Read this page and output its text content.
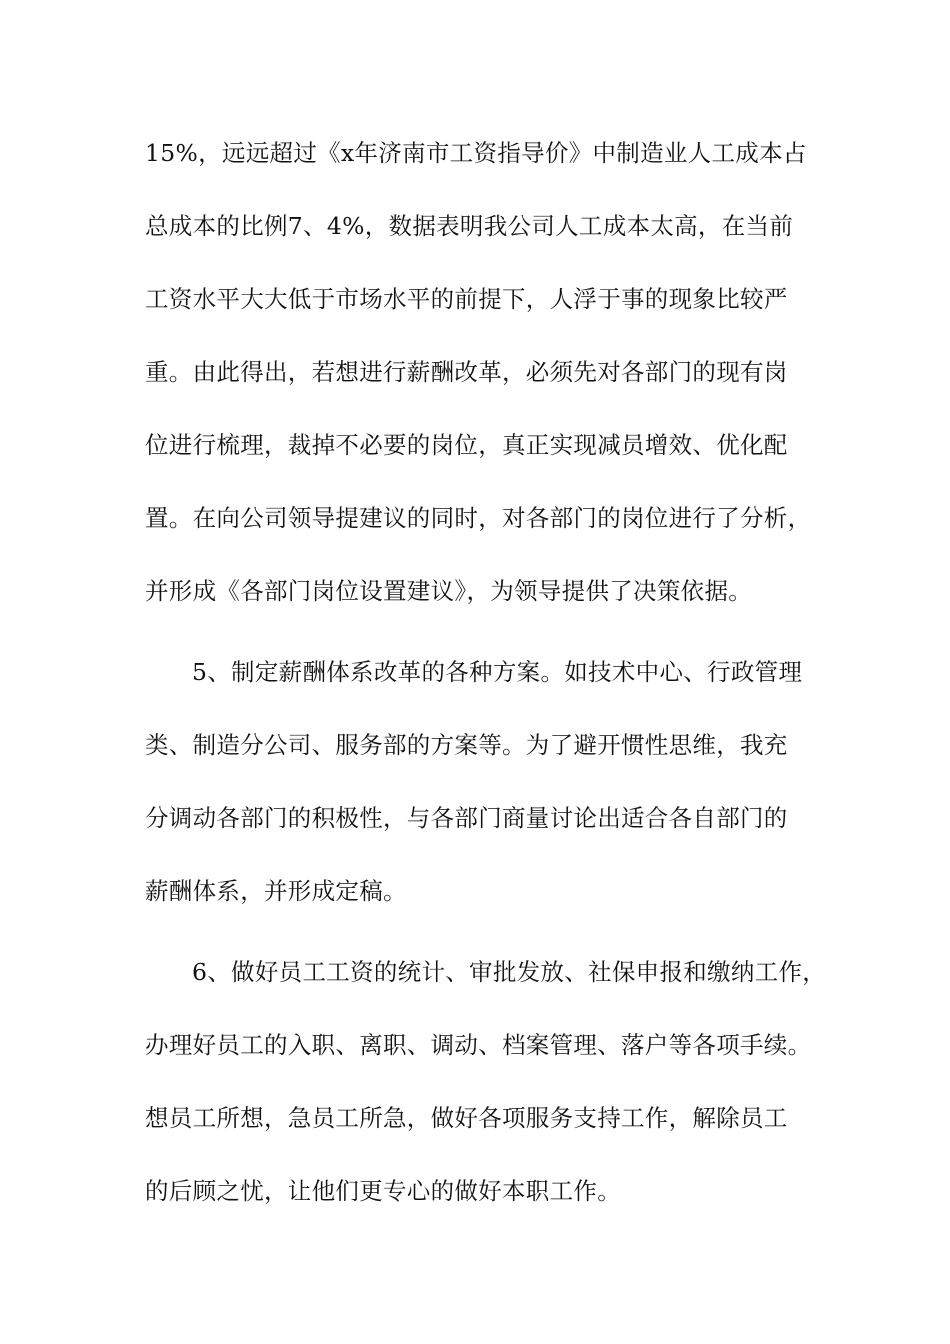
15%，远远超过《x年济南市工资指导价》中制造业人工成本占
总成本的比例7、4%，数据表明我公司人工成本太高，在当前
工资水平大大低于市场水平的前提下，人浮于事的现象比较严
重。由此得出，若想进行薪酬改革，必须先对各部门的现有岗
位进行梳理，裁掉不必要的岗位，真正实现减员增效、优化配
置。在向公司领导提建议的同时，对各部门的岗位进行了分析，
并形成《各部门岗位设置建议》，为领导提供了决策依据。
5、制定薪酬体系改革的各种方案。如技术中心、行政管理
类、制造分公司、服务部的方案等。为了避开惯性思维，我充
分调动各部门的积极性，与各部门商量讨论出适合各自部门的
薪酬体系，并形成定稿。
6、做好员工工资的统计、审批发放、社保申报和缴纳工作，
办理好员工的入职、离职、调动、档案管理、落户等各项手续。
想员工所想，急员工所急，做好各项服务支持工作，解除员工
的后顾之忧，让他们更专心的做好本职工作。
